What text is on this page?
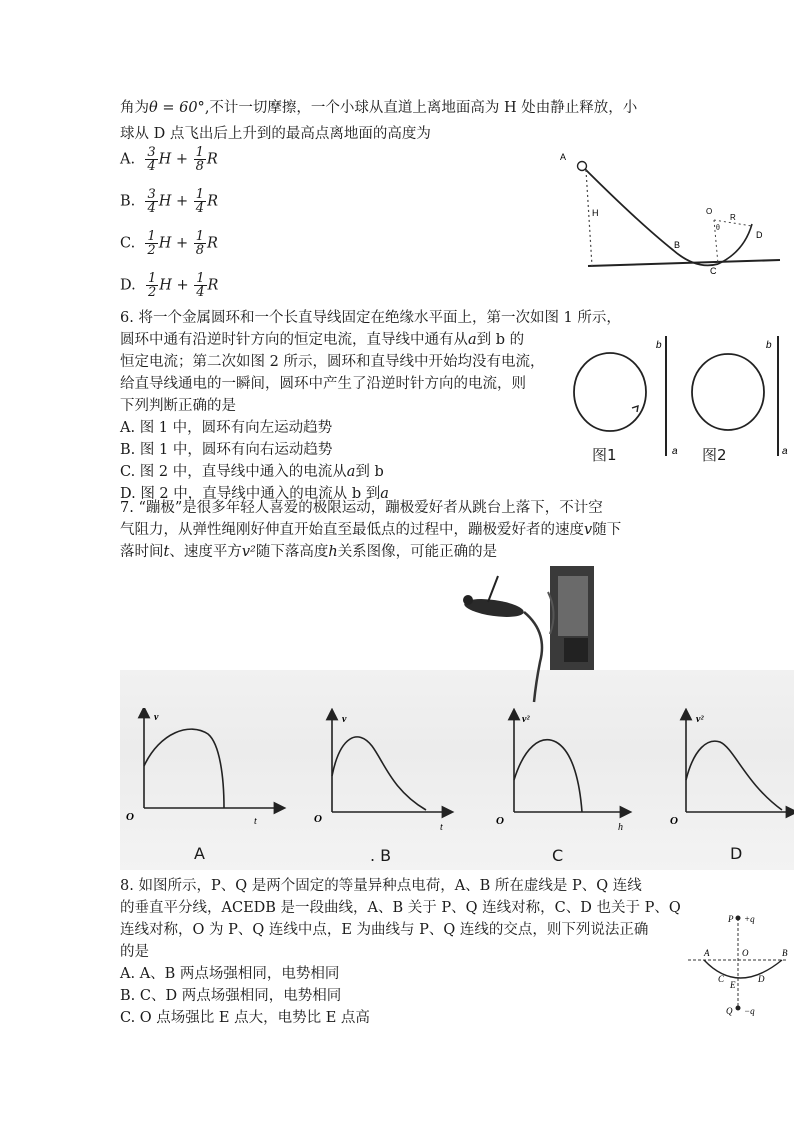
角为θ = 60°,不计一切摩擦，一个小球从直道上离地面高为 H 处由静止释放，小
球从 D 点飞出后上升到的最高点离地面的高度为
A. $\frac{3}{4}$ $H + \frac{1}{8}$ R
B. $\frac{3}{4}$ $H + \frac{1}{4}$ R
C. $\frac{1}{2}$ $H + \frac{1}{8}$ R
D. $\frac{1}{2}$ $H + \frac{1}{4}$ R
A
H
B
C
D
O
R
θ
6. 将一个金属圆环和一个长直导线固定在绝缘水平面上，第一次如图 1 所示，
圆环中通有沿逆时针方向的恒定电流，直导线中通有从a到 b 的
恒定电流；第二次如图 2 所示，圆环和直导线中开始均没有电流，
给直导线通电的一瞬间，圆环中产生了沿逆时针方向的电流，则
下列判断正确的是
A. 图 1 中，圆环有向左运动趋势
B. 图 1 中，圆环有向右运动趋势
C. 图 2 中，直导线中通入的电流从a到 b
D. 图 2 中，直导线中通入的电流从 b 到a
b
a
b
a
图1	图2
7. “蹦极”是很多年轻人喜爱的极限运动，蹦极爱好者从跳台上落下，不计空
气阻力，从弹性绳刚好伸直开始直至最低点的过程中，蹦极爱好者的速度v随下
落时间t、速度平方v²随下落高度h关系图像，可能正确的是
v
t
O
v
t
O
v²
h
O
v²
O
A	. B	C	D
8. 如图所示，P、Q 是两个固定的等量异种点电荷，A、B 所在虚线是 P、Q 连线
的垂直平分线，ACEDB 是一段曲线，A、B 关于 P、Q 连线对称，C、D 也关于 P、Q
连线对称，O 为 P、Q 连线中点，E 为曲线与 P、Q 连线的交点，则下列说法正确
的是
A. A、B 两点场强相同，电势相同
B. C、D 两点场强相同，电势相同
C. O 点场强比 E 点大，电势比 E 点高
P +q
Q −q
A	B
C	D
E
O
